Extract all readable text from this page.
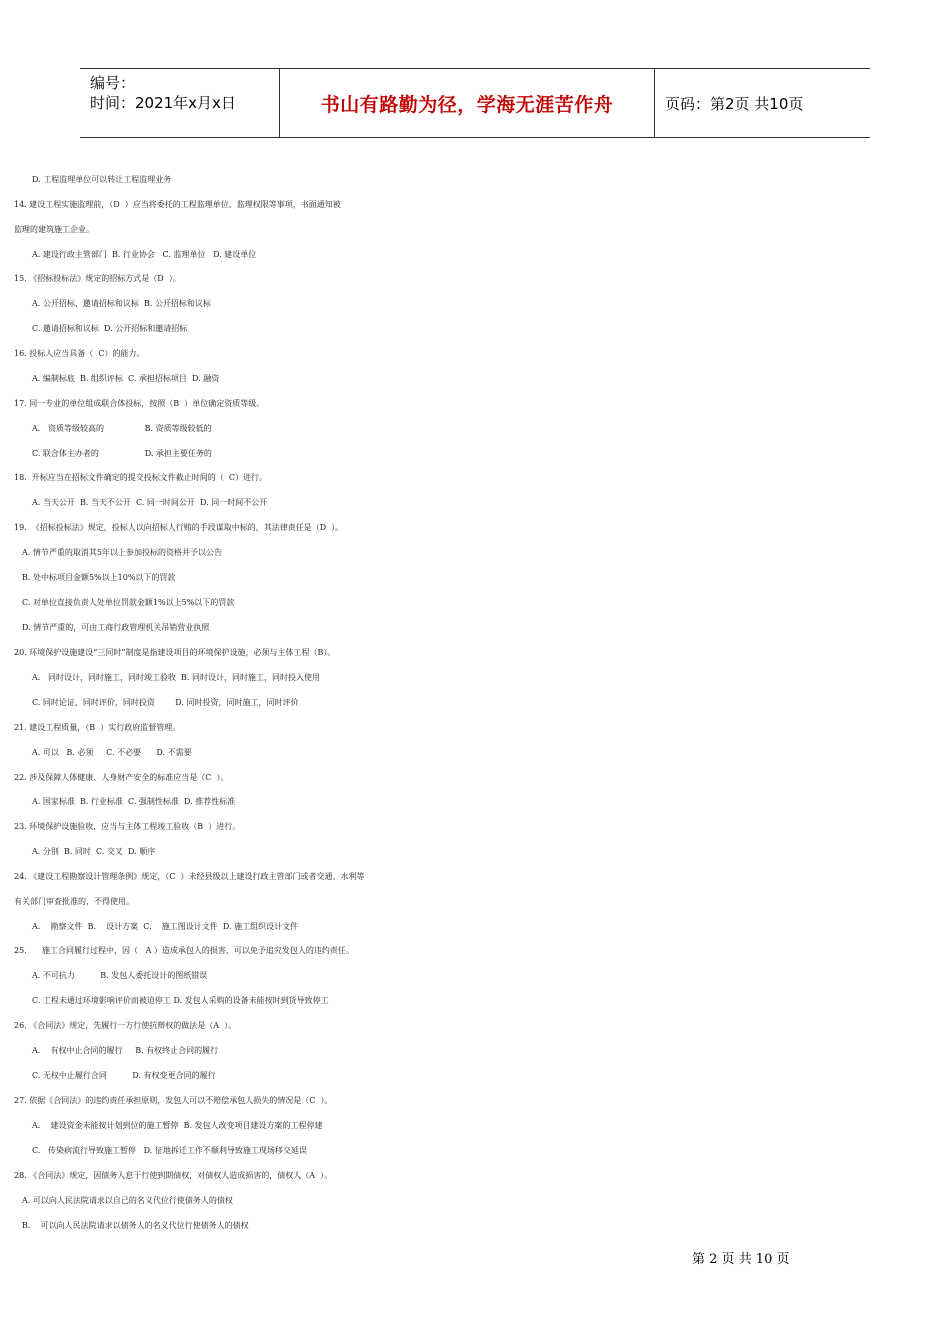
编号：
时间：2021年x月x日	书山有路勤为径，学海无涯苦作舟	页码：第2页 共10页
D. 工程监理单位可以转让工程监理业务
14. 建设工程实施监理前，（D  ）应当将委托的工程监理单位、监理权限等事项，书面通知被
监理的建筑施工企业。
A. 建设行政主管部门  B. 行业协会   C. 监理单位   D. 建设单位
15. 《招标投标法》规定的招标方式是（D  ）。
A. 公开招标、邀请招标和议标  B. 公开招标和议标
C. 邀请招标和议标  D. 公开招标和邀请招标
16. 投标人应当具备（  C）的能力。
A. 编制标底  B. 组织评标  C. 承担招标项目  D. 融资
17. 同一专业的单位组成联合体投标，按照（B  ）单位确定资质等级。
A.   资质等级较高的                B. 资质等级较低的
C. 联合体主办者的                  D. 承担主要任务的
18.  开标应当在招标文件确定的提交投标文件截止时间的（  C）进行。
A. 当天公开  B. 当天不公开  C. 同一时间公开  D. 同一时间不公开
19.  《招标投标法》规定，投标人以向招标人行贿的手段谋取中标的，其法律责任是（D  ）。
A. 情节严重的取消其5年以上参加投标的资格并予以公告
B. 处中标项目金额5%以上10%以下的罚款
C. 对单位直接负责人处单位罚款金额1%以上5%以下的罚款
D. 情节严重的，可由工商行政管理机关吊销营业执照
20. 环境保护设施建设“三同时”制度是指建设项目的环境保护设施，必须与主体工程（B）。
A.   同时设计，同时施工，同时竣工验收  B. 同时设计，同时施工，同时投入使用
C. 同时论证，同时评价，同时投资        D. 同时投资，同时施工，同时评价
21. 建设工程质量，（B  ）实行政府监督管理。
A. 可以   B. 必须     C. 不必要      D. 不需要
22. 涉及保障人体健康、人身财产安全的标准应当是（C  ）。
A. 国家标准  B. 行业标准  C. 强制性标准  D. 推荐性标准
23. 环境保护设施验收，应当与主体工程竣工验收（B  ）进行。
A. 分别  B. 同时  C. 交叉  D. 顺序
24. 《建设工程勘察设计管理条例》规定，（C  ）未经县级以上建设行政主管部门或者交通、水利等
有关部门审查批准的，不得使用。
A.    勘察文件  B.    设计方案  C.    施工图设计文件  D. 施工组织设计文件
25.      施工合同履行过程中，因（   A ）造成承包人的损害，可以免予追究发包人的违约责任。
A. 不可抗力          B. 发包人委托设计的图纸错误
C. 工程未通过环境影响评价而被迫停工 D. 发包人采购的设备未能按时到货导致停工
26. 《合同法》规定，先履行一方行使抗辩权的做法是（A  ）。
A.    有权中止合同的履行     B. 有权终止合同的履行
C. 无权中止履行合同          D. 有权变更合同的履行
27. 依据《合同法》的违约责任承担原则，发包人可以不赔偿承包人损失的情况是（C  ）。
A.    建设资金未能按计划到位的施工暂停  B. 发包人改变项目建设方案的工程停建
C.   传染病流行导致施工暂停   D. 征地拆迁工作不顺利导致施工现场移交延误
28. 《合同法》规定，因债务人怠于行使到期债权，对债权人造成损害的，债权人（A  ）。
A. 可以向人民法院请求以自己的名义代位行使债务人的债权
B.    可以向人民法院请求以债务人的名义代位行使债务人的债权
第 2 页 共 10 页
